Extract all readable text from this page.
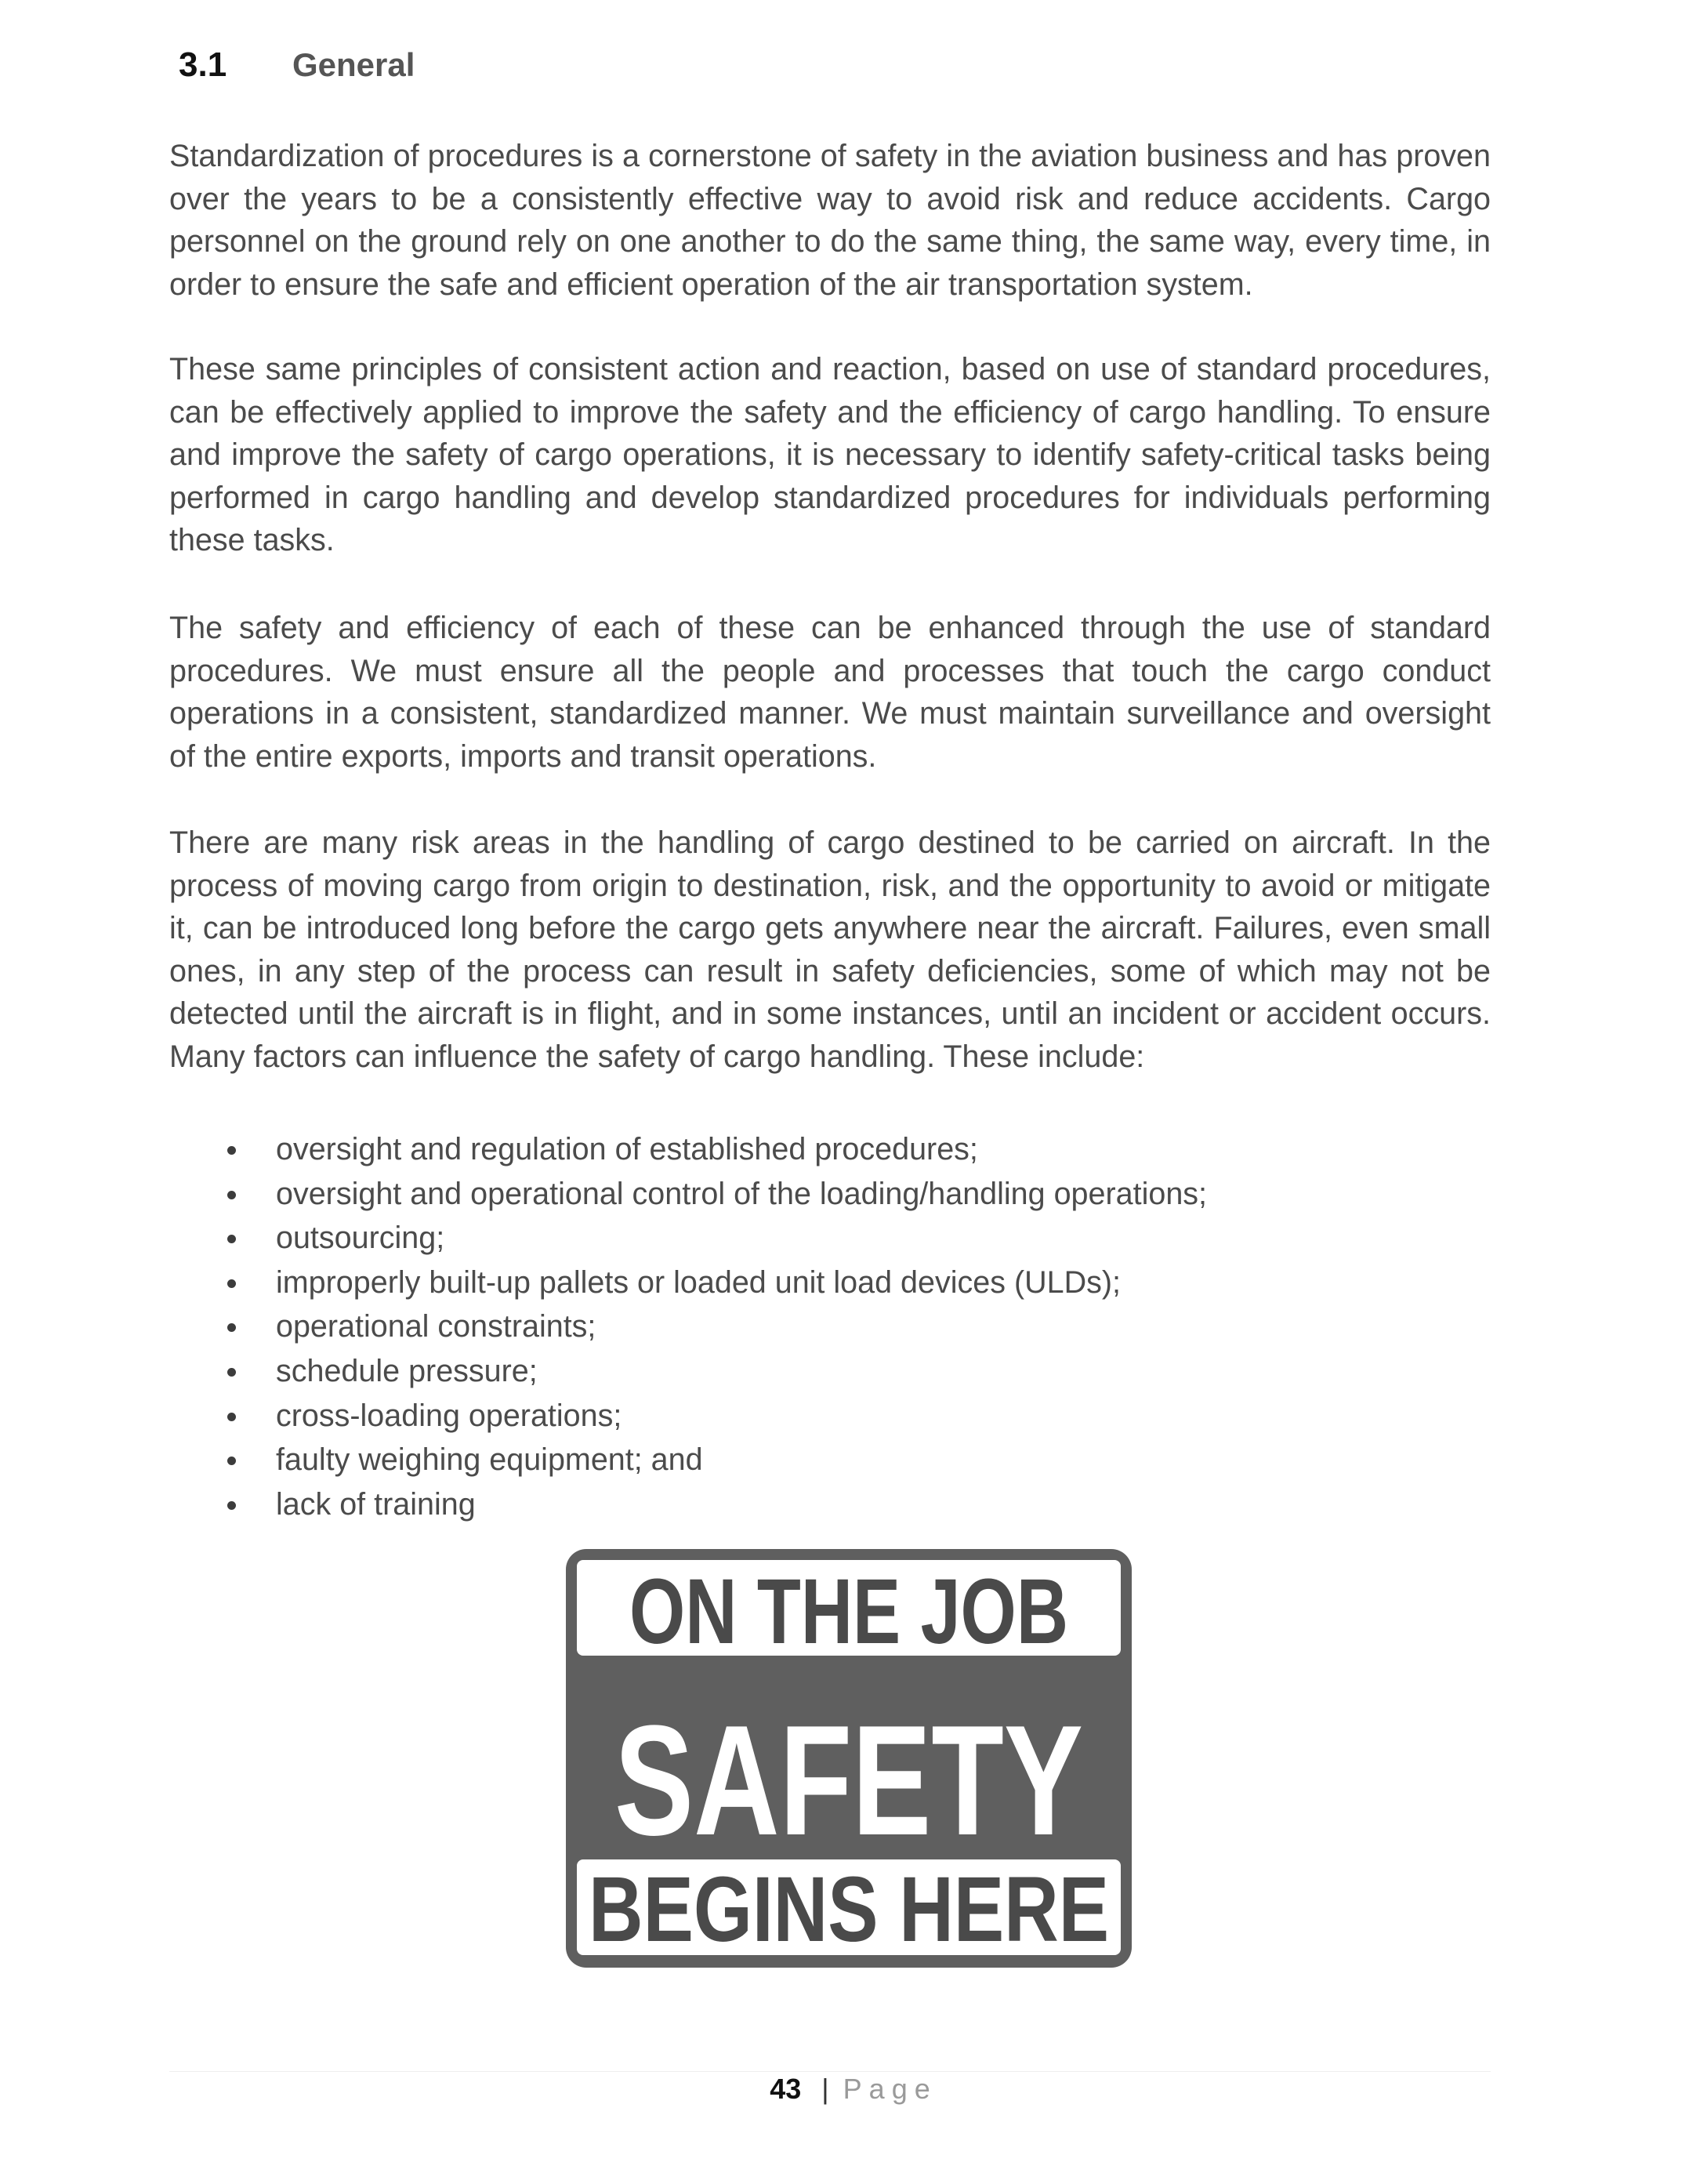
3.1	General

Standardization of procedures is a cornerstone of safety in the aviation business and has proven over the years to be a consistently effective way to avoid risk and reduce accidents. Cargo personnel on the ground rely on one another to do the same thing, the same way, every time, in order to ensure the safe and efficient operation of the air transportation system.

These same principles of consistent action and reaction, based on use of standard procedures, can be effectively applied to improve the safety and the efficiency of cargo handling. To ensure and improve the safety of cargo operations, it is necessary to identify safety-critical tasks being performed in cargo handling and develop standardized procedures for individuals performing these tasks.

The safety and efficiency of each of these can be enhanced through the use of standard procedures. We must ensure all the people and processes that touch the cargo conduct operations in a consistent, standardized manner. We must maintain surveillance and oversight of the entire exports, imports and transit operations.

There are many risk areas in the handling of cargo destined to be carried on aircraft. In the process of moving cargo from origin to destination, risk, and the opportunity to avoid or mitigate it, can be introduced long before the cargo gets anywhere near the aircraft. Failures, even small ones, in any step of the process can result in safety deficiencies, some of which may not be detected until the aircraft is in flight, and in some instances, until an incident or accident occurs. Many factors can influence the safety of cargo handling. These include:

oversight and regulation of established procedures;
oversight and operational control of the loading/handling operations;
outsourcing;
improperly built-up pallets or loaded unit load devices (ULDs);
operational constraints;
schedule pressure;
cross-loading operations;
faulty weighing equipment; and
lack of training
ON THE JOB
SAFETY
BEGINS HERE
43 | Page
